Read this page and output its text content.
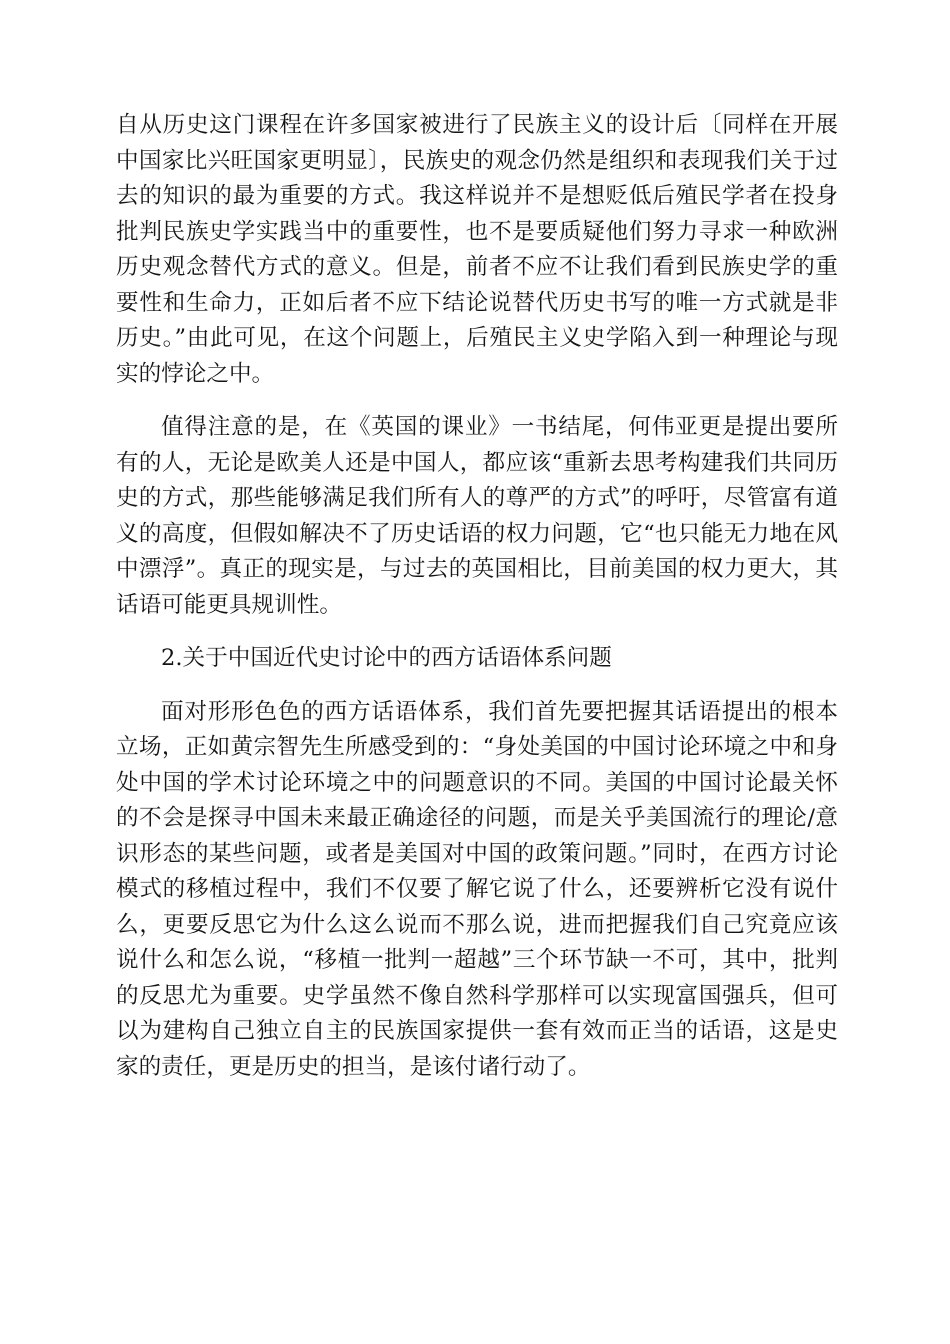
自从历史这门课程在许多国家被进行了民族主义的设计后〔同样在开展中国家比兴旺国家更明显〕，民族史的观念仍然是组织和表现我们关于过去的知识的最为重要的方式。我这样说并不是想贬低后殖民学者在投身批判民族史学实践当中的重要性，也不是要质疑他们努力寻求一种欧洲历史观念替代方式的意义。但是，前者不应不让我们看到民族史学的重要性和生命力，正如后者不应下结论说替代历史书写的唯一方式就是非历史。”由此可见，在这个问题上，后殖民主义史学陷入到一种理论与现实的悖论之中。

值得注意的是，在《英国的课业》一书结尾，何伟亚更是提出要所有的人，无论是欧美人还是中国人，都应该“重新去思考构建我们共同历史的方式，那些能够满足我们所有人的尊严的方式”的呼吁，尽管富有道义的高度，但假如解决不了历史话语的权力问题，它“也只能无力地在风中漂浮”。真正的现实是，与过去的英国相比，目前美国的权力更大，其话语可能更具规训性。

2.关于中国近代史讨论中的西方话语体系问题

面对形形色色的西方话语体系，我们首先要把握其话语提出的根本立场，正如黄宗智先生所感受到的：“身处美国的中国讨论环境之中和身处中国的学术讨论环境之中的问题意识的不同。美国的中国讨论最关怀的不会是探寻中国未来最正确途径的问题，而是关乎美国流行的理论/意识形态的某些问题，或者是美国对中国的政策问题。”同时，在西方讨论模式的移植过程中，我们不仅要了解它说了什么，还要辨析它没有说什么，更要反思它为什么这么说而不那么说，进而把握我们自己究竟应该说什么和怎么说，“移植一批判一超越”三个环节缺一不可，其中，批判的反思尤为重要。史学虽然不像自然科学那样可以实现富国强兵，但可以为建构自己独立自主的民族国家提供一套有效而正当的话语，这是史家的责任，更是历史的担当，是该付诸行动了。
